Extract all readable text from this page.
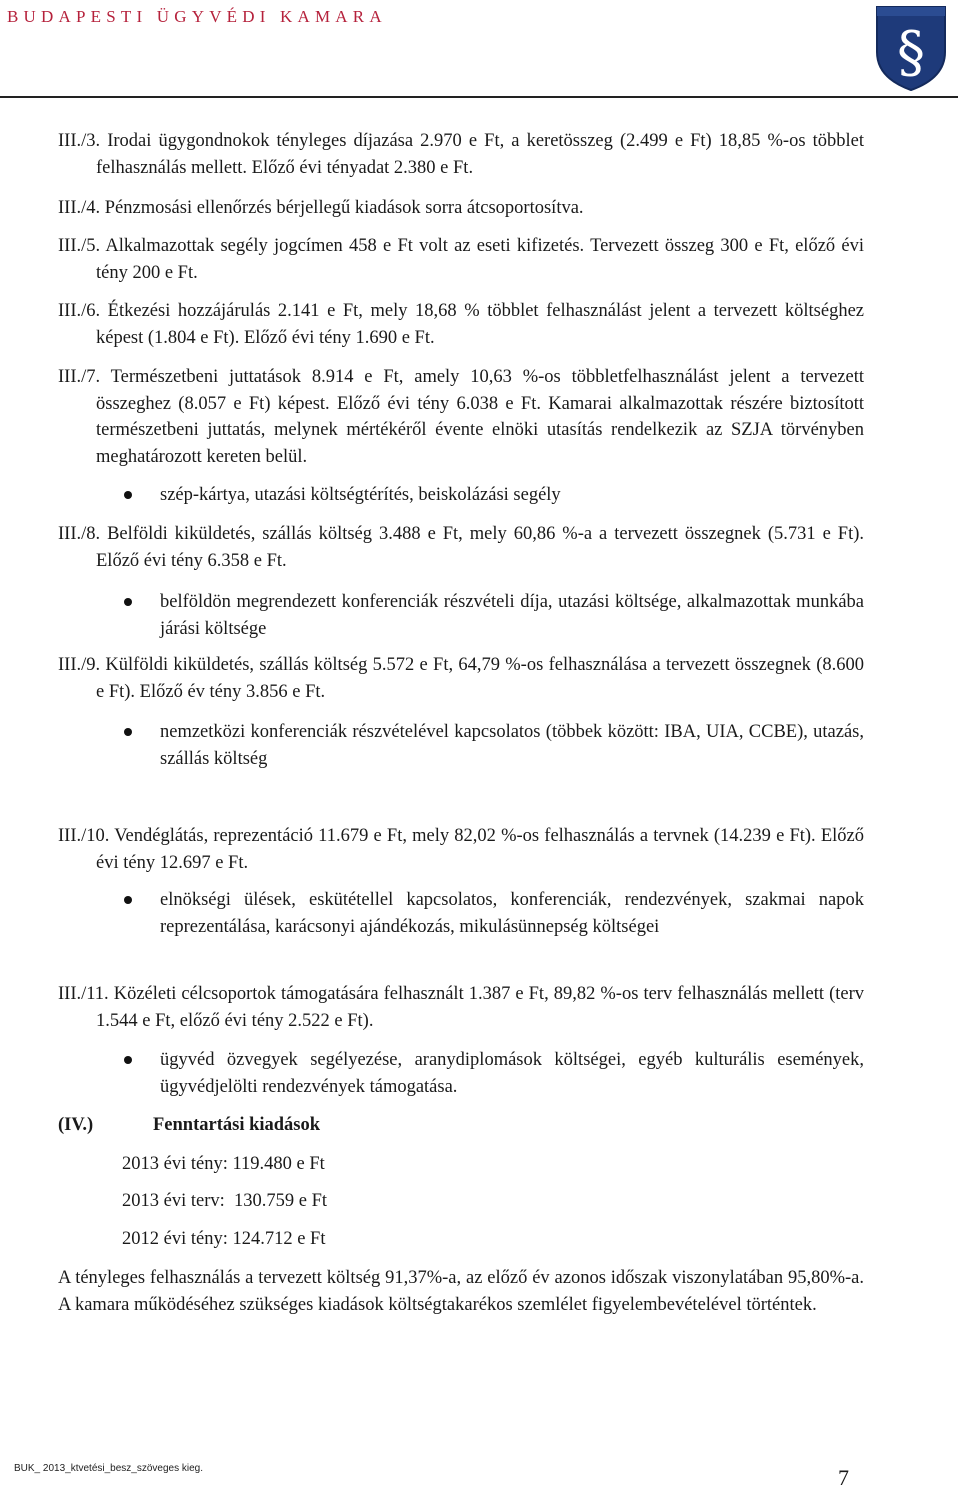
BUDAPESTI ÜGYVÉDI KAMARA
§
III./3. Irodai ügygondnokok tényleges díjazása 2.970 e Ft, a keretösszeg (2.499 e Ft) 18,85 %-os többlet felhasználás mellett. Előző évi tényadat 2.380 e Ft.
III./4. Pénzmosási ellenőrzés bérjellegű kiadások sorra átcsoportosítva.
III./5. Alkalmazottak segély jogcímen 458 e Ft volt az eseti kifizetés. Tervezett összeg 300 e Ft, előző évi tény 200 e Ft.
III./6. Étkezési hozzájárulás 2.141 e Ft, mely 18,68 % többlet felhasználást jelent a tervezett költséghez képest (1.804 e Ft). Előző évi tény 1.690 e Ft.
III./7. Természetbeni juttatások 8.914 e Ft, amely 10,63 %-os többletfelhasználást jelent a tervezett összeghez (8.057 e Ft) képest. Előző évi tény 6.038 e Ft. Kamarai alkalmazottak részére biztosított természetbeni juttatás, melynek mértékéről évente elnöki utasítás rendelkezik az SZJA törvényben meghatározott kereten belül.
szép-kártya, utazási költségtérítés, beiskolázási segély
III./8. Belföldi kiküldetés, szállás költség 3.488 e Ft, mely 60,86 %-a a tervezett összegnek (5.731 e Ft). Előző évi tény 6.358 e Ft.
belföldön megrendezett konferenciák részvételi díja, utazási költsége, alkalmazottak munkába járási költsége
III./9. Külföldi kiküldetés, szállás költség 5.572 e Ft, 64,79 %-os felhasználása a tervezett összegnek (8.600 e Ft). Előző év tény 3.856 e Ft.
nemzetközi konferenciák részvételével kapcsolatos (többek között: IBA, UIA, CCBE), utazás, szállás költség
III./10. Vendéglátás, reprezentáció 11.679 e Ft, mely 82,02 %-os felhasználás a tervnek (14.239 e Ft). Előző évi tény 12.697 e Ft.
elnökségi ülések, eskütétellel kapcsolatos, konferenciák, rendezvények, szakmai napok reprezentálása, karácsonyi ajándékozás, mikulásünnepség költségei
III./11. Közéleti célcsoportok támogatására felhasznált 1.387 e Ft, 89,82 %-os terv felhasználás mellett (terv 1.544 e Ft, előző évi tény 2.522 e Ft).
ügyvéd özvegyek segélyezése, aranydiplomások költségei, egyéb kulturális események, ügyvédjelölti rendezvények támogatása.
(IV.)	Fenntartási kiadások
2013 évi tény: 119.480 e Ft
2013 évi terv:  130.759 e Ft
2012 évi tény: 124.712 e Ft
A tényleges felhasználás a tervezett költség 91,37%-a, az előző év azonos időszak viszonylatában 95,80%-a. A kamara működéséhez szükséges kiadások költségtakarékos szemlélet figyelembevételével történtek.
BUK_ 2013_ktvetési_besz_szöveges kieg.	7
